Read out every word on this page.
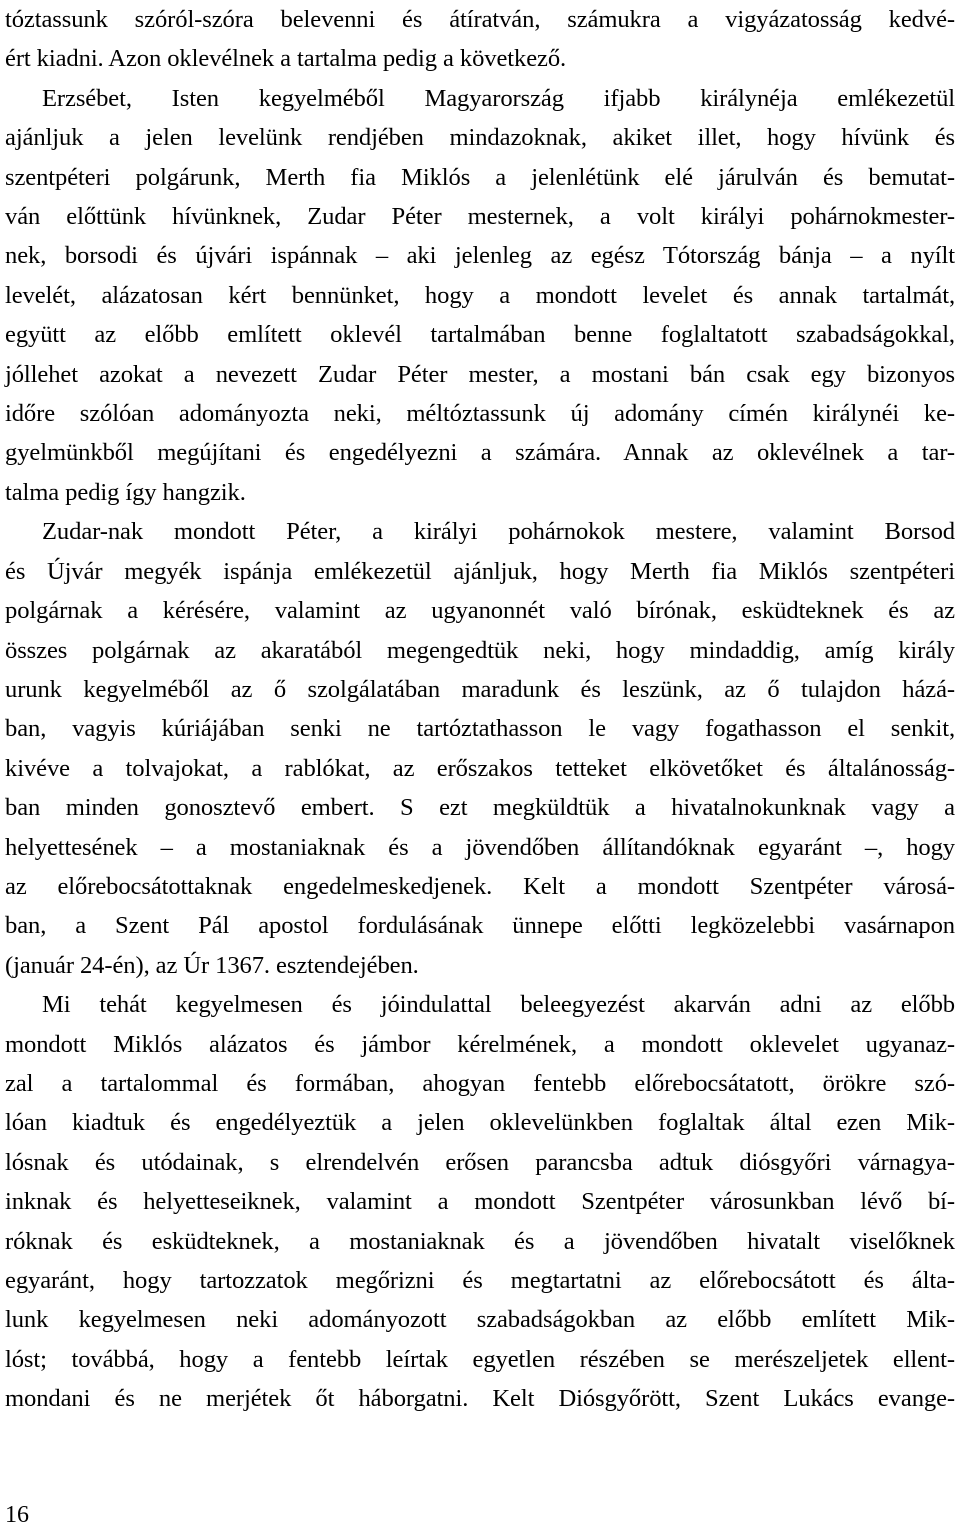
tóztassunk szóról-szóra belevenni és átíratván, számukra a vigyázatosság kedvé-

ért kiadni. Azon oklevélnek a tartalma pedig a következő.

Erzsébet, Isten kegyelméből Magyarország ifjabb királynéja emlékezetül

ajánljuk a jelen levelünk rendjében mindazoknak, akiket illet, hogy hívünk és

szentpéteri polgárunk, Merth fia Miklós a jelenlétünk elé járulván és bemutat-

ván előttünk hívünknek, Zudar Péter mesternek, a volt királyi pohárnokmester-

nek, borsodi és újvári ispánnak – aki jelenleg az egész Tótország bánja – a nyílt

levelét, alázatosan kért bennünket, hogy a mondott levelet és annak tartalmát,

együtt az előbb említett oklevél tartalmában benne foglaltatott szabadságokkal,

jóllehet azokat a nevezett Zudar Péter mester, a mostani bán csak egy bizonyos

időre szólóan adományozta neki, méltóztassunk új adomány címén királynéi ke-

gyelmünkből megújítani és engedélyezni a számára. Annak az oklevélnek a tar-

talma pedig így hangzik.

Zudar-nak mondott Péter, a királyi pohárnokok mestere, valamint Borsod

és Újvár megyék ispánja emlékezetül ajánljuk, hogy Merth fia Miklós szentpéteri

polgárnak a kérésére, valamint az ugyanonnét való bírónak, esküdteknek és az

összes polgárnak az akaratából megengedtük neki, hogy mindaddig, amíg király

urunk kegyelméből az ő szolgálatában maradunk és leszünk, az ő tulajdon házá-

ban, vagyis kúriájában senki ne tartóztathasson le vagy fogathasson el senkit,

kivéve a tolvajokat, a rablókat, az erőszakos tetteket elkövetőket és általánosság-

ban minden gonosztevő embert. S ezt megküldtük a hivatalnokunknak vagy a

helyettesének – a mostaniaknak és a jövendőben állítandóknak egyaránt –, hogy

az előrebocsátottaknak engedelmeskedjenek. Kelt a mondott Szentpéter városá-

ban, a Szent Pál apostol fordulásának ünnepe előtti legközelebbi vasárnapon

(január 24-én), az Úr 1367. esztendejében.

Mi tehát kegyelmesen és jóindulattal beleegyezést akarván adni az előbb

mondott Miklós alázatos és jámbor kérelmének, a mondott oklevelet ugyanaz-

zal a tartalommal és formában, ahogyan fentebb előrebocsátatott, örökre szó-

lóan kiadtuk és engedélyeztük a jelen oklevelünkben foglaltak által ezen Mik-

lósnak és utódainak, s elrendelvén erősen parancsba adtuk diósgyőri várnagya-

inknak és helyetteseiknek, valamint a mondott Szentpéter városunkban lévő bí-

róknak és esküdteknek, a mostaniaknak és a jövendőben hivatalt viselőknek

egyaránt, hogy tartozzatok megőrizni és megtartatni az előrebocsátott és álta-

lunk kegyelmesen neki adományozott szabadságokban az előbb említett Mik-

lóst; továbbá, hogy a fentebb leírtak egyetlen részében se merészeljetek ellent-

mondani és ne merjétek őt háborgatni. Kelt Diósgyőrött, Szent Lukács evange-

16
